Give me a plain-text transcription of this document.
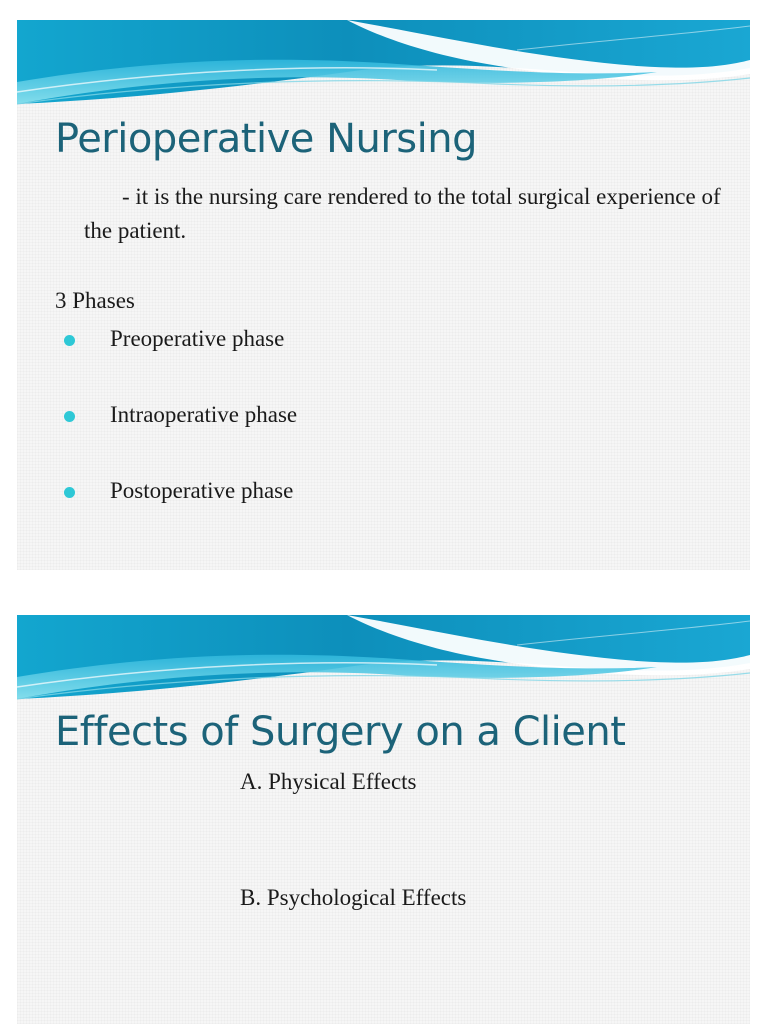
Perioperative Nursing

- it is the nursing care rendered to the total surgical experience of the patient.

3 Phases

Preoperative phase
Intraoperative phase
Postoperative phase
Effects of Surgery on a Client

A. Physical Effects

B. Psychological Effects
